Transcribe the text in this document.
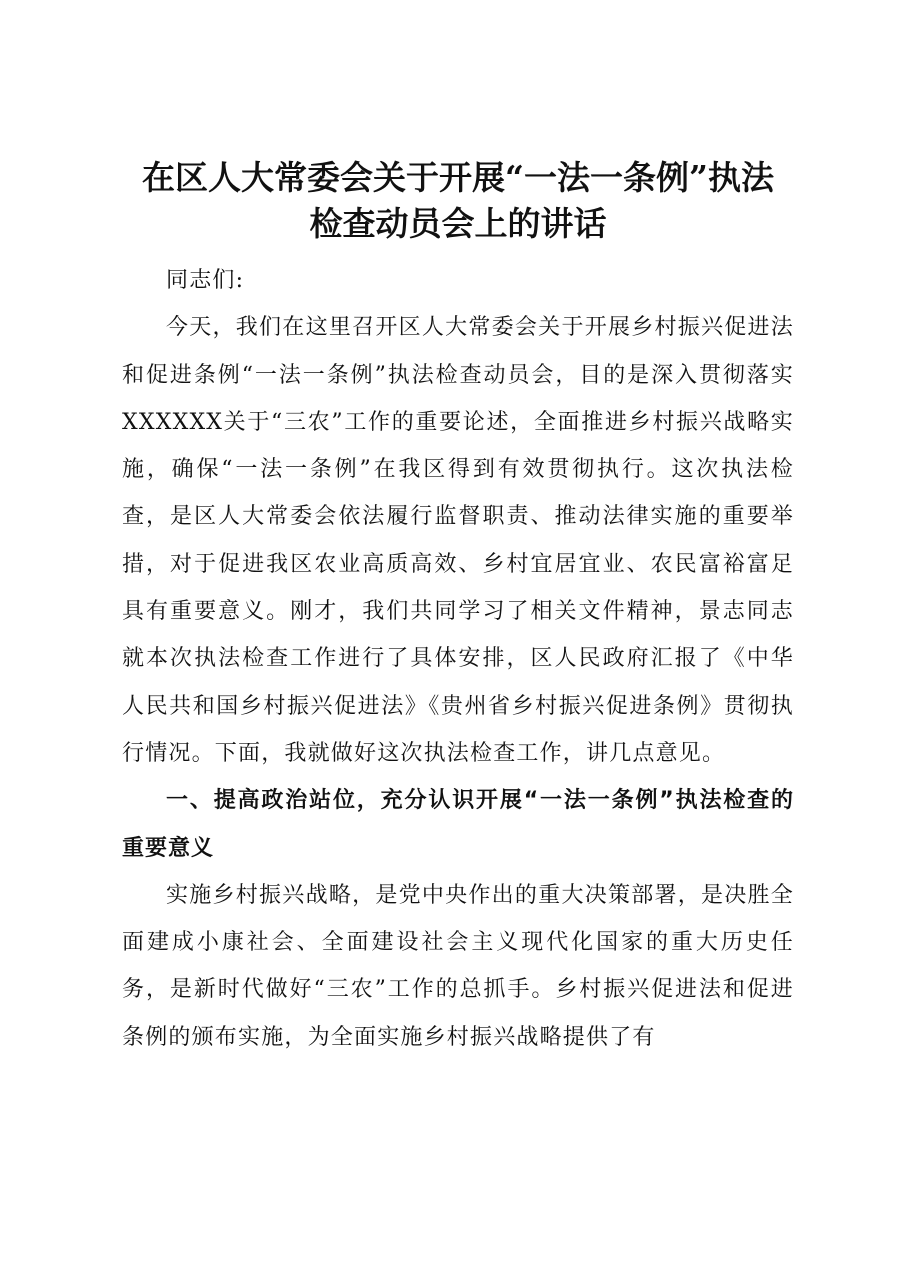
在区人大常委会关于开展“一法一条例”执法
检查动员会上的讲话

同志们:

今天，我们在这里召开区人大常委会关于开展乡村振兴促进法和促进条例“一法一条例”执法检查动员会，目的是深入贯彻落实XXXXXX关于“三农”工作的重要论述，全面推进乡村振兴战略实施，确保“一法一条例”在我区得到有效贯彻执行。这次执法检查，是区人大常委会依法履行监督职责、推动法律实施的重要举措，对于促进我区农业高质高效、乡村宜居宜业、农民富裕富足具有重要意义。刚才，我们共同学习了相关文件精神，景志同志就本次执法检查工作进行了具体安排，区人民政府汇报了《中华人民共和国乡村振兴促进法》《贵州省乡村振兴促进条例》贯彻执行情况。下面，我就做好这次执法检查工作，讲几点意见。

一、提高政治站位，充分认识开展“一法一条例”执法检查的重要意义

实施乡村振兴战略，是党中央作出的重大决策部署，是决胜全面建成小康社会、全面建设社会主义现代化国家的重大历史任务，是新时代做好“三农”工作的总抓手。乡村振兴促进法和促进条例的颁布实施，为全面实施乡村振兴战略提供了有
